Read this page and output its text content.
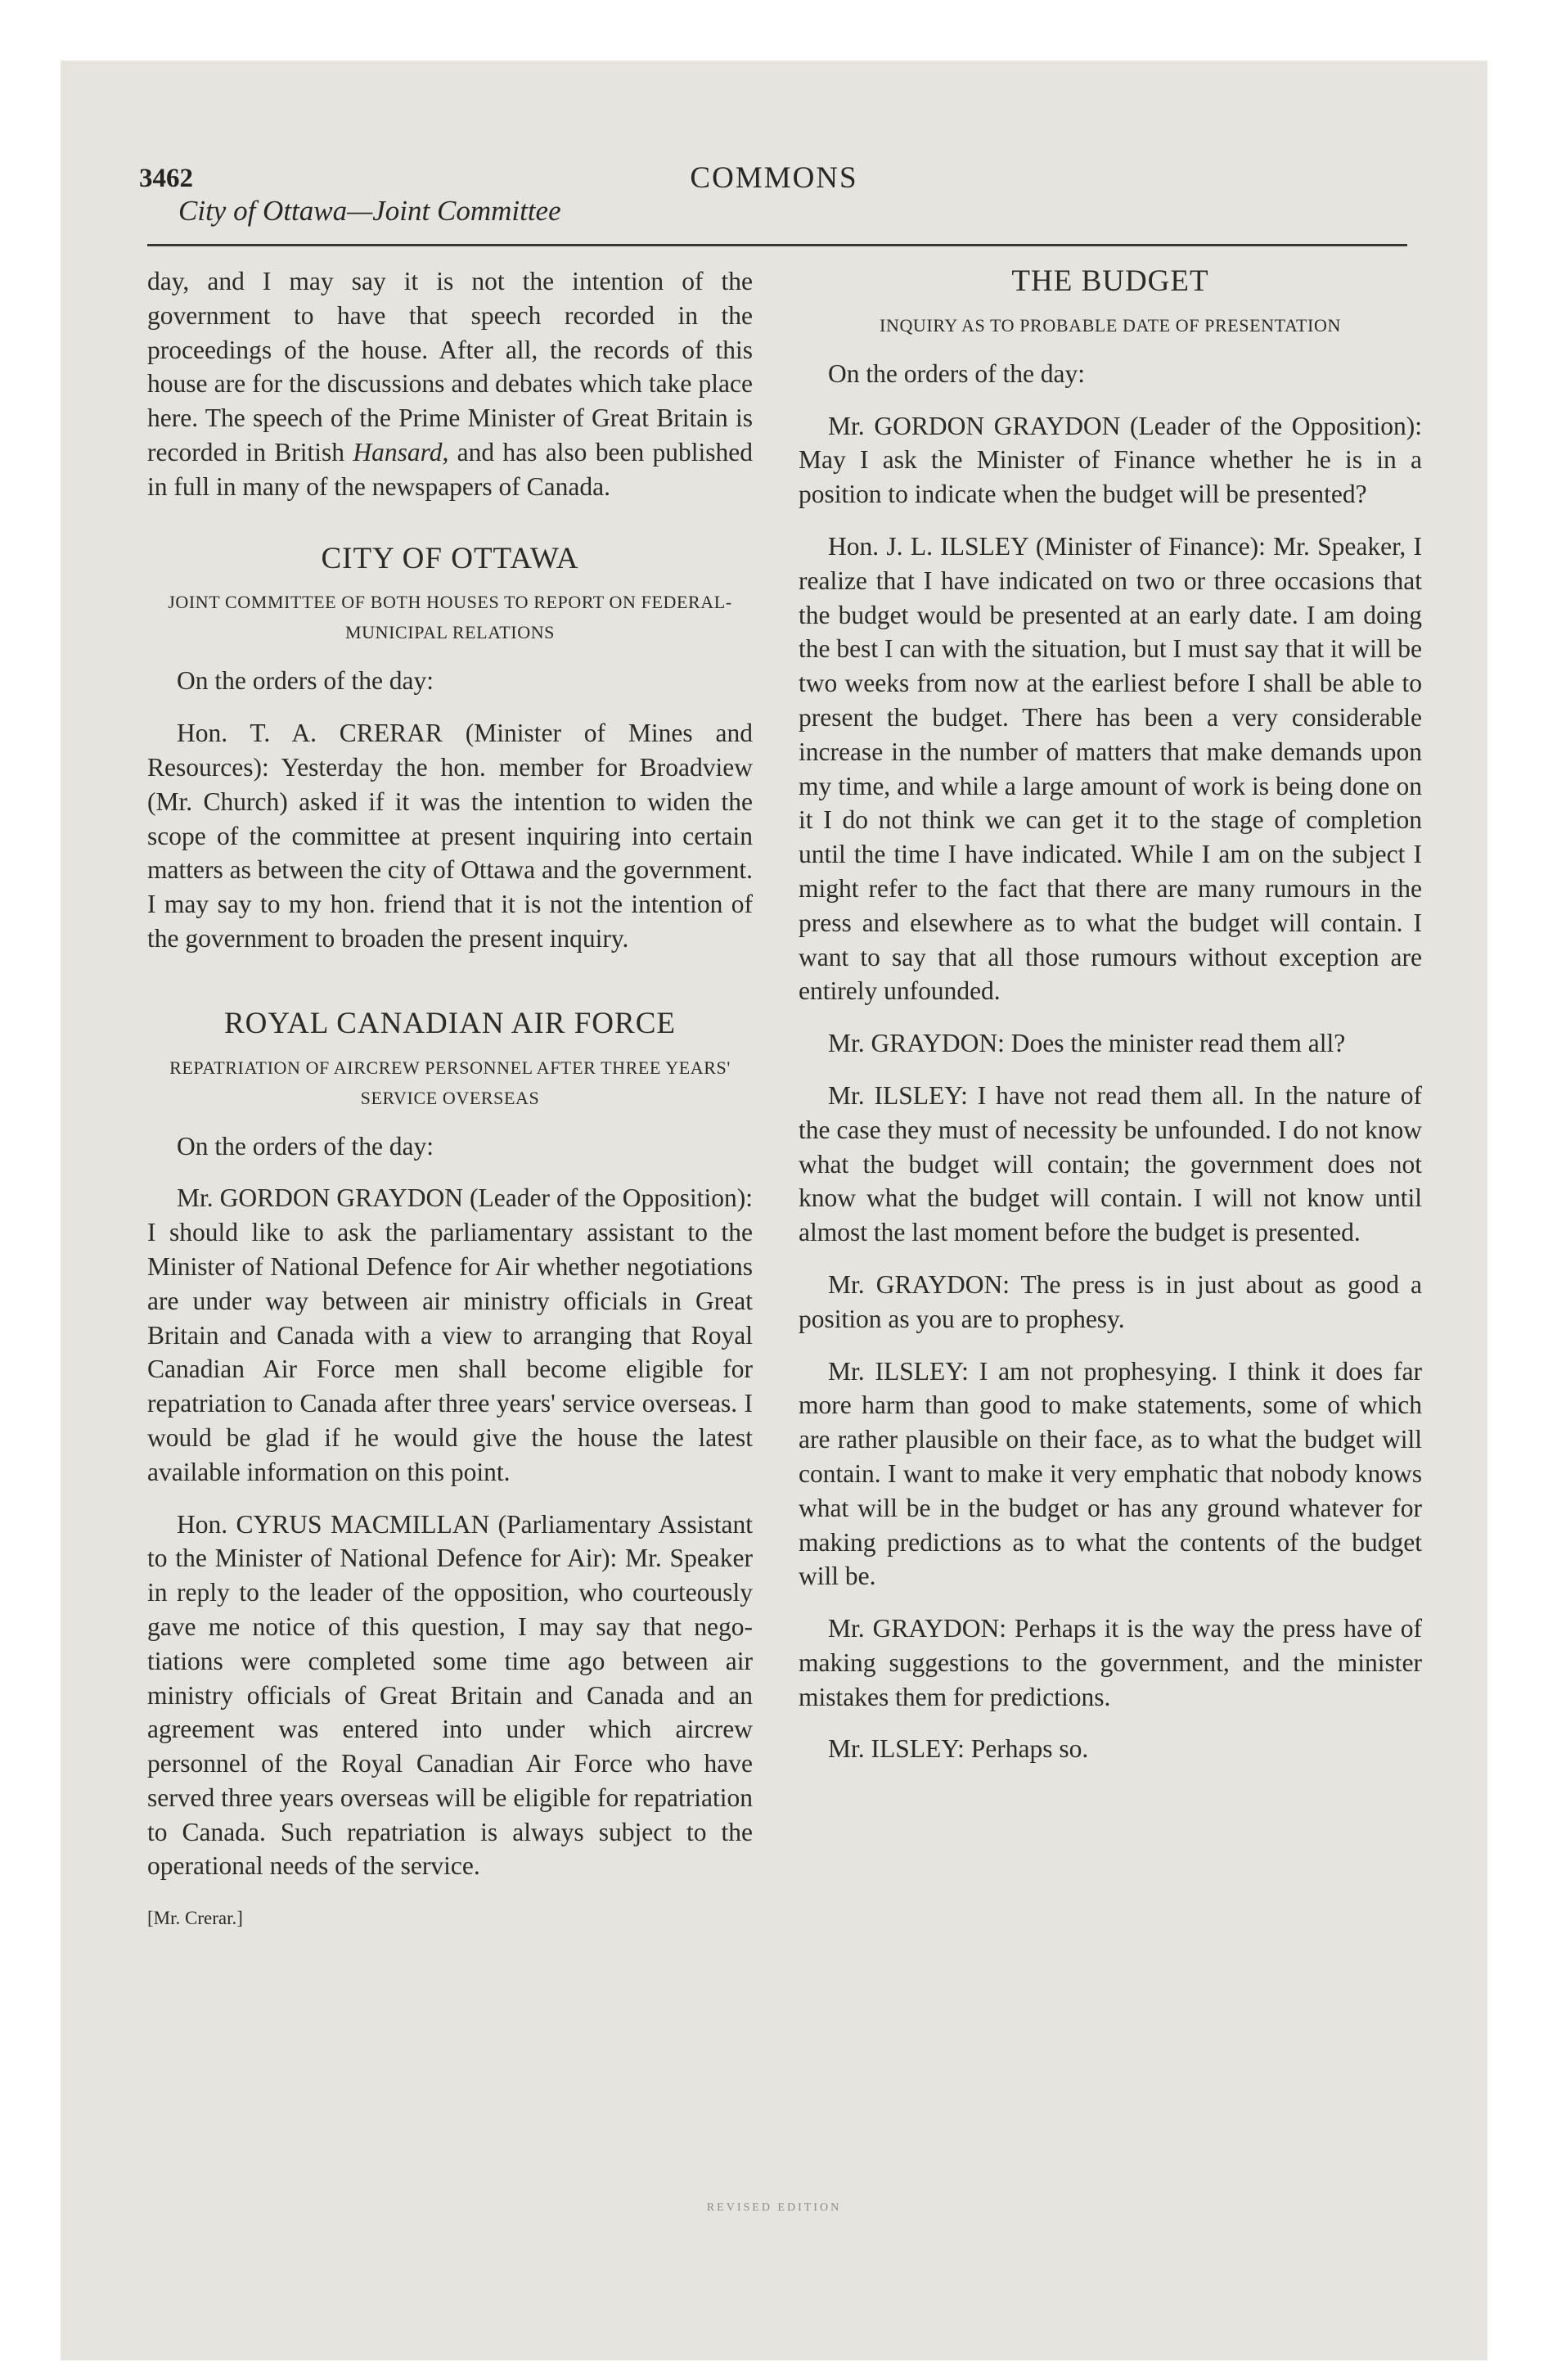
3462	COMMONS
City of Ottawa—Joint Committee

day, and I may say it is not the intention of the government to have that speech recorded in the proceedings of the house. After all, the records of this house are for the discussions and debates which take place here. The speech of the Prime Minister of Great Britain is recorded in British Hansard, and has also been published in full in many of the newspapers of Canada.

CITY OF OTTAWA
JOINT COMMITTEE OF BOTH HOUSES TO REPORT ON FEDERAL-MUNICIPAL RELATIONS

On the orders of the day:

Hon. T. A. CRERAR (Minister of Mines and Resources): Yesterday the hon. member for Broadview (Mr. Church) asked if it was the intention to widen the scope of the committee at present inquiring into certain matters as between the city of Ottawa and the government. I may say to my hon. friend that it is not the intention of the government to broaden the present inquiry.

ROYAL CANADIAN AIR FORCE
REPATRIATION OF AIRCREW PERSONNEL AFTER THREE YEARS' SERVICE OVERSEAS

On the orders of the day:

Mr. GORDON GRAYDON (Leader of the Opposition): I should like to ask the parliamentary assistant to the Minister of National Defence for Air whether negotiations are under way between air ministry officials in Great Britain and Canada with a view to arranging that Royal Canadian Air Force men shall become eligible for repatriation to Canada after three years' service overseas. I would be glad if he would give the house the latest available information on this point.

Hon. CYRUS MACMILLAN (Parliamentary Assistant to the Minister of National Defence for Air): Mr. Speaker in reply to the leader of the opposition, who courteously gave me notice of this question, I may say that negotiations were completed some time ago between air ministry officials of Great Britain and Canada and an agreement was entered into under which aircrew personnel of the Royal Canadian Air Force who have served three years overseas will be eligible for repatriation to Canada. Such repatriation is always subject to the operational needs of the service.

[Mr. Crerar.]

THE BUDGET
INQUIRY AS TO PROBABLE DATE OF PRESENTATION

On the orders of the day:

Mr. GORDON GRAYDON (Leader of the Opposition): May I ask the Minister of Finance whether he is in a position to indicate when the budget will be presented?

Hon. J. L. ILSLEY (Minister of Finance): Mr. Speaker, I realize that I have indicated on two or three occasions that the budget would be presented at an early date. I am doing the best I can with the situation, but I must say that it will be two weeks from now at the earliest before I shall be able to present the budget. There has been a very considerable increase in the number of matters that make demands upon my time, and while a large amount of work is being done on it I do not think we can get it to the stage of completion until the time I have indicated. While I am on the subject I might refer to the fact that there are many rumours in the press and elsewhere as to what the budget will contain. I want to say that all those rumours without exception are entirely unfounded.

Mr. GRAYDON: Does the minister read them all?

Mr. ILSLEY: I have not read them all. In the nature of the case they must of necessity be unfounded. I do not know what the budget will contain; the government does not know what the budget will contain. I will not know until almost the last moment before the budget is presented.

Mr. GRAYDON: The press is in just about as good a position as you are to prophesy.

Mr. ILSLEY: I am not prophesying. I think it does far more harm than good to make statements, some of which are rather plausible on their face, as to what the budget will contain. I want to make it very emphatic that nobody knows what will be in the budget or has any ground whatever for making predictions as to what the contents of the budget will be.

Mr. GRAYDON: Perhaps it is the way the press have of making suggestions to the government, and the minister mistakes them for predictions.

Mr. ILSLEY: Perhaps so.

REVISED EDITION
